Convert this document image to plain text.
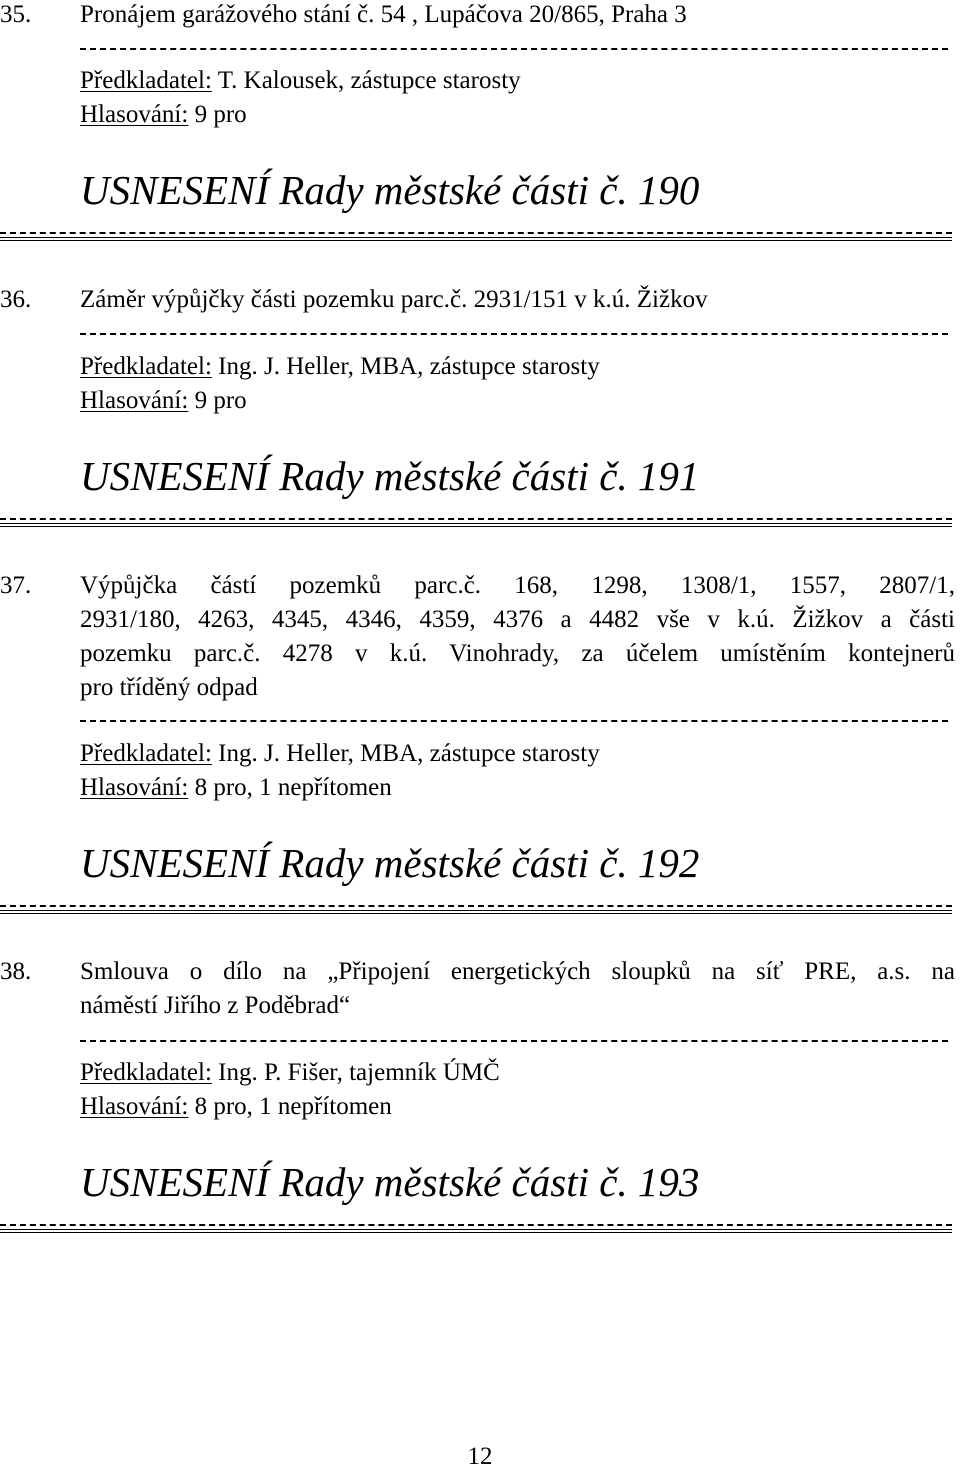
35. Pronájem garážového stání č. 54 , Lupáčova 20/865, Praha 3
Předkladatel: T. Kalousek, zástupce starosty
Hlasování: 9 pro
USNESENÍ Rady městské části č. 190
36. Záměr výpůjčky části pozemku parc.č. 2931/151 v k.ú. Žižkov
Předkladatel: Ing. J. Heller, MBA, zástupce starosty
Hlasování: 9 pro
USNESENÍ Rady městské části č. 191
37. Výpůjčka částí pozemků parc.č. 168, 1298, 1308/1, 1557, 2807/1,
2931/180, 4263, 4345, 4346, 4359, 4376 a 4482 vše v k.ú. Žižkov a části
pozemku parc.č. 4278 v k.ú. Vinohrady, za účelem umístěním kontejnerů
pro tříděný odpad
Předkladatel: Ing. J. Heller, MBA, zástupce starosty
Hlasování: 8 pro, 1 nepřítomen
USNESENÍ Rady městské části č. 192
38. Smlouva o dílo na „Připojení energetických sloupků na síť PRE, a.s. na
náměstí Jiřího z Poděbrad“
Předkladatel: Ing. P. Fišer, tajemník ÚMČ
Hlasování: 8 pro, 1 nepřítomen
USNESENÍ Rady městské části č. 193
12
